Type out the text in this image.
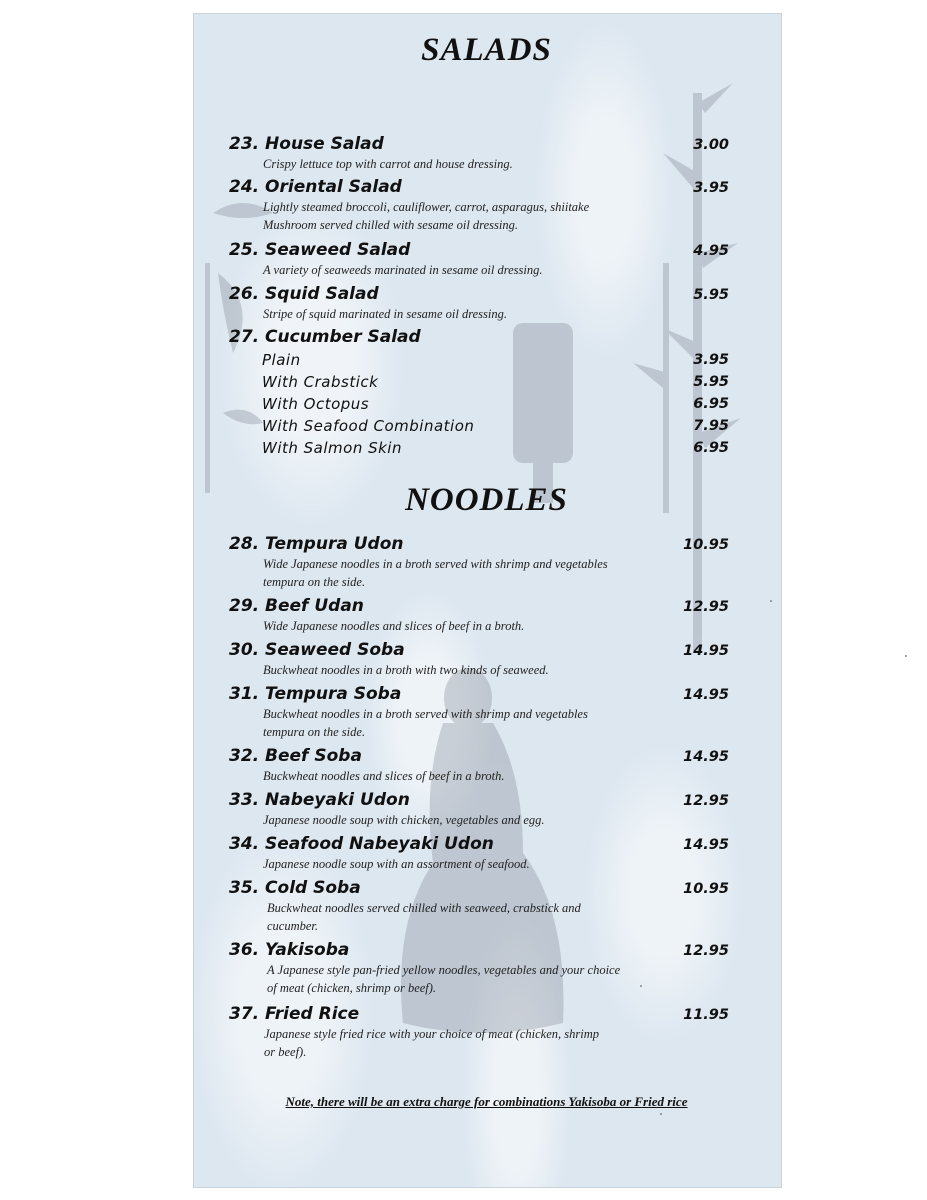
SALADS
23. House Salad	3.00
Crispy lettuce top with carrot and house dressing.
24. Oriental Salad	3.95
Lightly steamed broccoli, cauliflower, carrot, asparagus, shiitake
Mushroom served chilled with sesame oil dressing.
25. Seaweed Salad	4.95
A variety of seaweeds marinated in sesame oil dressing.
26. Squid Salad	5.95
Stripe of squid marinated in sesame oil dressing.
27. Cucumber Salad
Plain	3.95
With Crabstick	5.95
With Octopus	6.95
With Seafood Combination	7.95
With Salmon Skin	6.95
NOODLES
28. Tempura Udon	10.95
Wide Japanese noodles in a broth served with shrimp and vegetables
tempura on the side.
29. Beef Udan	12.95
Wide Japanese noodles and slices of beef in a broth.
30. Seaweed Soba	14.95
Buckwheat noodles in a broth with two kinds of seaweed.
31. Tempura Soba	14.95
Buckwheat noodles in a broth served with shrimp and vegetables
tempura on the side.
32. Beef Soba	14.95
Buckwheat noodles and slices of beef in a broth.
33. Nabeyaki Udon	12.95
Japanese noodle soup with chicken, vegetables and egg.
34. Seafood Nabeyaki Udon	14.95
Japanese noodle soup with an assortment of seafood.
35. Cold Soba	10.95
Buckwheat noodles served chilled with seaweed, crabstick and
cucumber.
36. Yakisoba	12.95
A Japanese style pan-fried yellow noodles, vegetables and your choice
of meat (chicken, shrimp or beef).
37. Fried Rice	11.95
Japanese style fried rice with your choice of meat (chicken, shrimp
or beef).
Note, there will be an extra charge for combinations Yakisoba or Fried rice
